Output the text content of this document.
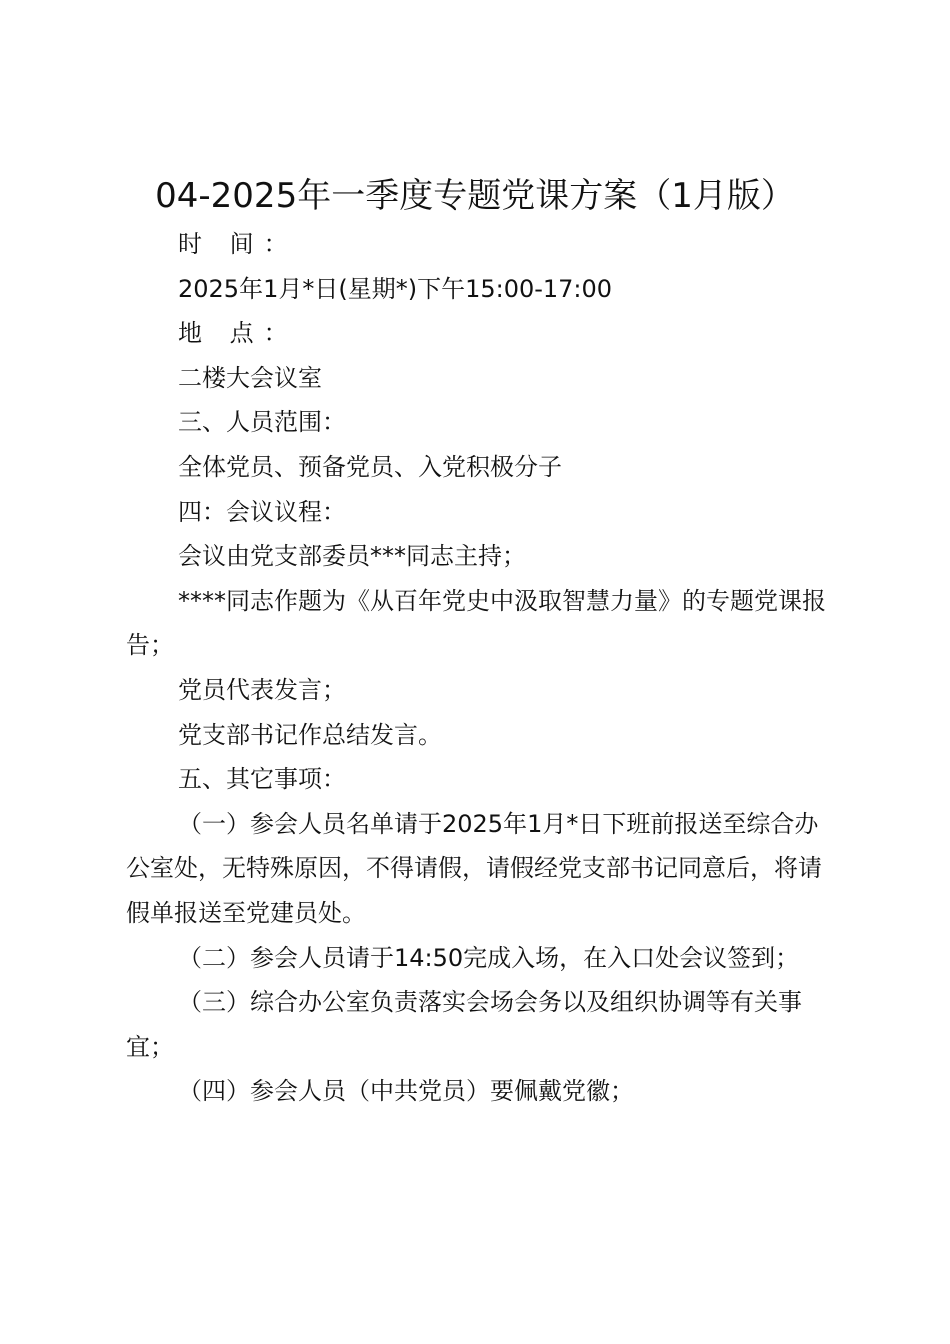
04-2025年一季度专题党课方案（1月版）

时 间：

2025年1月*日(星期*)下午15:00-17:00

地 点：

二楼大会议室

三、人员范围：

全体党员、预备党员、入党积极分子

四：会议议程：

会议由党支部委员***同志主持；

****同志作题为《从百年党史中汲取智慧力量》的专题党课报告；

党员代表发言；

党支部书记作总结发言。

五、其它事项：

（一）参会人员名单请于2025年1月*日下班前报送至综合办公室处，无特殊原因，不得请假，请假经党支部书记同意后，将请假单报送至党建员处。

（二）参会人员请于14:50完成入场，在入口处会议签到；

（三）综合办公室负责落实会场会务以及组织协调等有关事宜；

（四）参会人员（中共党员）要佩戴党徽；
